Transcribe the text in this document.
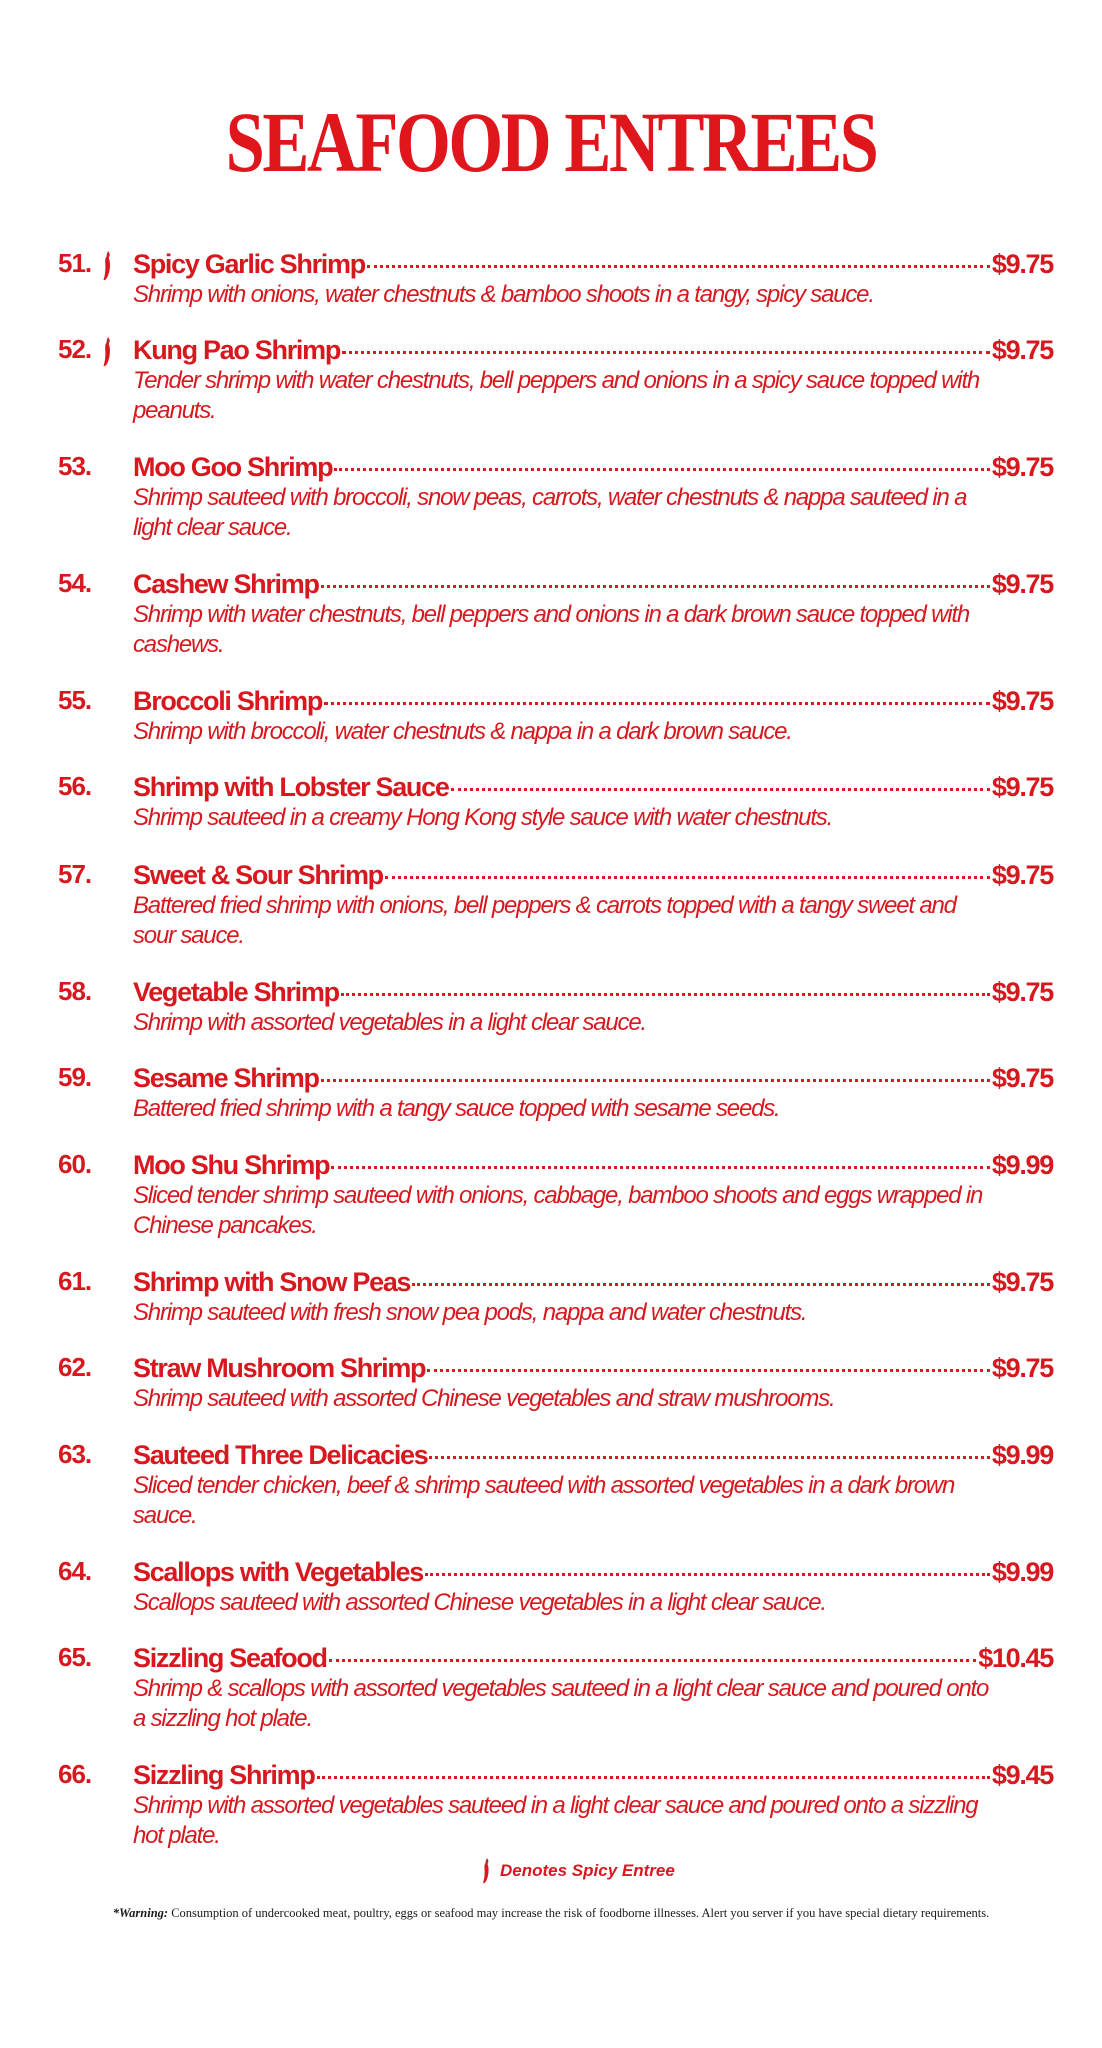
SEAFOOD ENTREES
51. Spicy Garlic Shrimp	$9.75
Shrimp with onions, water chestnuts & bamboo shoots in a tangy, spicy sauce.
52. Kung Pao Shrimp	$9.75
Tender shrimp with water chestnuts, bell peppers and onions in a spicy sauce topped with peanuts.
53. Moo Goo Shrimp	$9.75
Shrimp sauteed with broccoli, snow peas, carrots, water chestnuts & nappa sauteed in a light clear sauce.
54. Cashew Shrimp	$9.75
Shrimp with water chestnuts, bell peppers and onions in a dark brown sauce topped with cashews.
55. Broccoli Shrimp	$9.75
Shrimp with broccoli, water chestnuts & nappa in a dark brown sauce.
56. Shrimp with Lobster Sauce	$9.75
Shrimp sauteed in a creamy Hong Kong style sauce with water chestnuts.
57. Sweet & Sour Shrimp	$9.75
Battered fried shrimp with onions, bell peppers & carrots topped with a tangy sweet and sour sauce.
58. Vegetable Shrimp	$9.75
Shrimp with assorted vegetables in a light clear sauce.
59. Sesame Shrimp	$9.75
Battered fried shrimp with a tangy sauce topped with sesame seeds.
60. Moo Shu Shrimp	$9.99
Sliced tender shrimp sauteed with onions, cabbage, bamboo shoots and eggs wrapped in Chinese pancakes.
61. Shrimp with Snow Peas	$9.75
Shrimp sauteed with fresh snow pea pods, nappa and water chestnuts.
62. Straw Mushroom Shrimp	$9.75
Shrimp sauteed with assorted Chinese vegetables and straw mushrooms.
63. Sauteed Three Delicacies	$9.99
Sliced tender chicken, beef & shrimp sauteed with assorted vegetables in a dark brown sauce.
64. Scallops with Vegetables	$9.99
Scallops sauteed with assorted Chinese vegetables in a light clear sauce.
65. Sizzling Seafood	$10.45
Shrimp & scallops with assorted vegetables sauteed in a light clear sauce and poured onto a sizzling hot plate.
66. Sizzling Shrimp	$9.45
Shrimp with assorted vegetables sauteed in a light clear sauce and poured onto a sizzling hot plate.
Denotes Spicy Entree
*Warning: Consumption of undercooked meat, poultry, eggs or seafood may increase the risk of foodborne illnesses. Alert you server if you have special dietary requirements.
